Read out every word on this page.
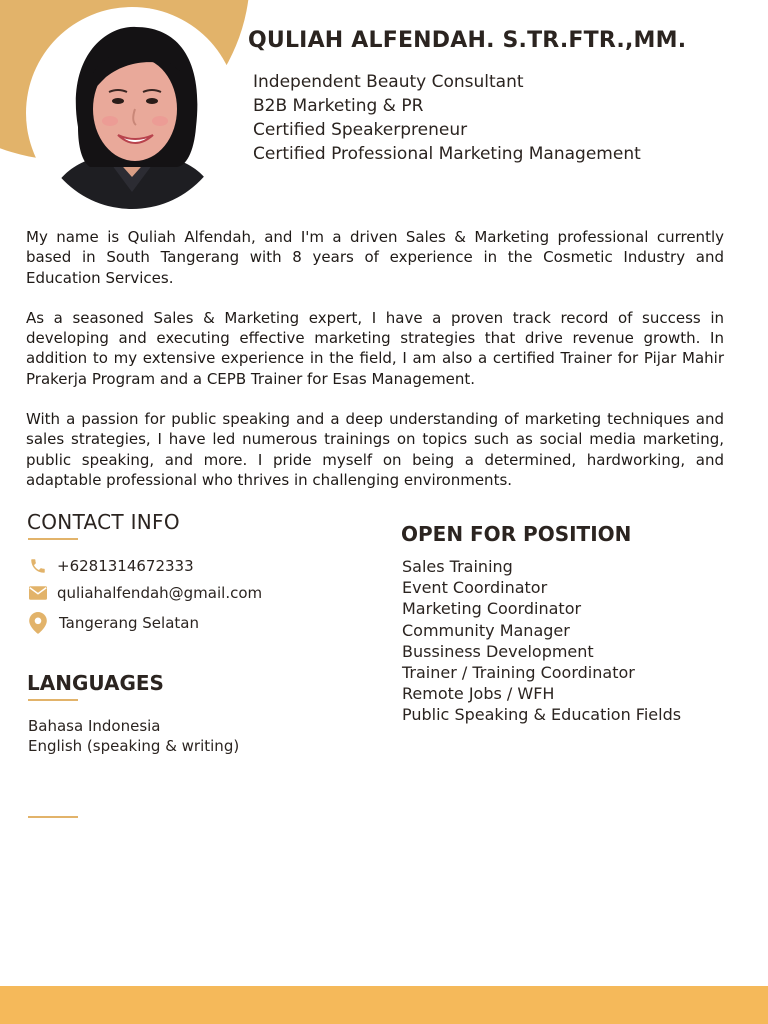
QULIAH ALFENDAH. S.TR.FTR.,MM.
Independent Beauty Consultant
B2B Marketing & PR
Certified Speakerpreneur
Certified Professional Marketing Management

My name is Quliah Alfendah, and I'm a driven Sales & Marketing professional currently based in South Tangerang with 8 years of experience in the Cosmetic Industry and Education Services.

As a seasoned Sales & Marketing expert, I have a proven track record of success in developing and executing effective marketing strategies that drive revenue growth. In addition to my extensive experience in the field, I am also a certified Trainer for Pijar Mahir Prakerja Program and a CEPB Trainer for Esas Management.

With a passion for public speaking and a deep understanding of marketing techniques and sales strategies, I have led numerous trainings on topics such as social media marketing, public speaking, and more. I pride myself on being a determined, hardworking, and adaptable professional who thrives in challenging environments.

CONTACT INFO
+6281314672333
quliahalfendah@gmail.com
Tangerang Selatan
LANGUAGES
Bahasa Indonesia
English (speaking & writing)
OPEN FOR POSITION
Sales Training
Event Coordinator
Marketing Coordinator
Community Manager
Bussiness Development
Trainer / Training Coordinator
Remote Jobs / WFH
Public Speaking & Education Fields
